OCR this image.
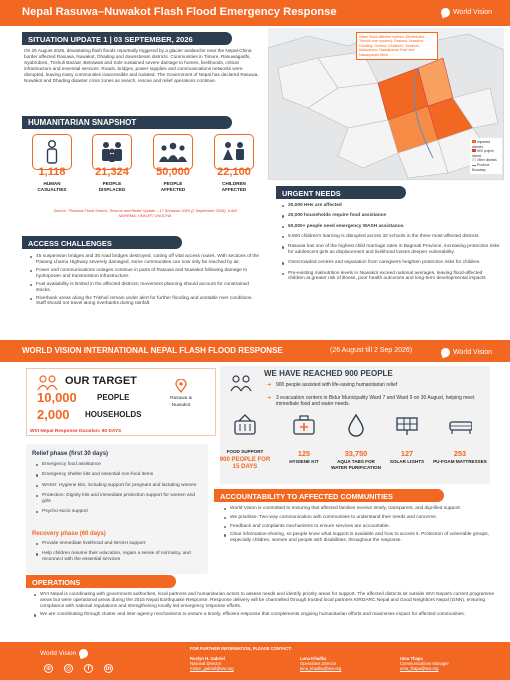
Nepal Rasuwa–Nuwakot Flash Flood Emergency Response	World Vision
SITUATION UPDATE 1 | 03 SEPTEMBER, 2026
On 26 August 2026, devastating flash floods reportedly triggered by a glacier avalanche near the Nepal-China border affected Rasuwa, Nuwakot, Dhading and downstream districts. Communities in Timure, Rasuwagadhi, Syabrubesi, Trishuli Bazaar, Betrawati and Sole sustained severe damage to homes, livelihoods, critical infrastructure and essential services. Roads, bridges, power supplies and communications networks were disrupted, leaving many communities inaccessible and isolated. The Government of Nepal has declared Rasuwa, Nuwakot and Dhading disaster crisis zones as search, rescue and relief operations continue.
Water flood-affected corridor (Bhotekoshi-Trishuli river system): Rasuwa, Nuwakot, Dhading, Gorkha, Dhulikhel, Tanahun, Makwanpur, Nawalparasi East and Nawalparasi West
Impacted districts
WVI project district
Other districts
Province Boundary
HUMANITARIAN SNAPSHOT
1,118	21,324	50,000	22,100
HUMAN CASUALTIES
PEOPLE DISPLACED
PEOPLE AFFECTED
CHILDREN AFFECTED
Source: "Rasuwa Flood Search, Rescue and Relief Update – 17 Shrawan 2083 (2 September 2026), 8 AM NDRRMA; UNICEF/ UNOCHA
ACCESS CHALLENGES
45 suspension bridges and 35 road bridges destroyed, cutting off vital access routes. With sections of the Pasang Lhamu Highway severely damaged, some communities can now only be reached by air.
Power and communications outages continue in parts of Rasuwa and Nuwakot following damage to hydropower and transmission infrastructure.
Fuel availability is limited in the affected districts; movement planning should account for constrained stocks.
Riverbank areas along the Trishuli remain under alert for further flooding and unstable river conditions. Staff should not travel along riverbanks during rainfall.
URGENT NEEDS
20,000 HHs are affected
20,000 households require food assistance
50,000+ people need emergency WASH assistance.
9,800 children's learning is disrupted across 32 schools in the three most-affected districts
Rasuwa has one of the highest child marriage rates in Bagmati Province, increasing protection risks for adolescent girls as displacement and livelihood losses deepen vulnerability.
Overcrowded centres and separation from caregivers heighten protection risks for children.
Pre-existing malnutrition levels in Nuwakot exceed national averages, leaving flood-affected children at greater risk of illness, poor health outcomes and long-term developmental impacts
WORLD VISION INTERNATIONAL NEPAL FLASH FLOOD RESPONSE	(26 August till 2 Sep 2026)	World Vision
OUR TARGET
10,000	PEOPLE
2,000 HOUSEHOLDS
Rasuwa & Nuwakot
WVI Nepal Response Duration: 90 DAYS
Relief phase (first 30 days)
Emergency food assistance
Emergency shelter kits and essential non-food items
WASH: Hygiene kits, including support for pregnant and lactating women
Protection: Dignity kits and immediate protection support for women and girls
Psycho-socio support
Recovery phase (60 days)
Provide immediate livelihood and WASH support
Help children resume their education, regain a sense of normalcy, and reconnect with the essential services
WE HAVE REACHED 900 PEOPLE
➜ 900 people assisted with life-saving humanitarian relief
➜ 3 evacuation centers in Bidur Municipality Ward 7 and Ward 9 on 30 August, helping meet immediate food and water needs.
FOOD SUPPORT
900 PEOPLE FOR 15 DAYS
125
HYGIENE KIT
33,750
AQUA TABS FOR WATER PURIFICATION
127
SOLAR LIGHTS
253
PU-FOAM MATTRESSES
ACCOUNTABILITY TO AFFECTED COMMUNITIES
World Vision is committed to ensuring that affected families receive timely, transparent, and dignified support.
We prioritise: Two-way communication with communities to understand their needs and concerns.
Feedback and complaints mechanisms to ensure services are accountable.
Clear information-sharing, so people know what support is available and how to access it. Protection of vulnerable groups, especially children, women and people with disabilities, throughout the response.
OPERATIONS
WVI Nepal is coordinating with government authorities, local partners and humanitarian actors to assess needs and identify priority areas for support. The affected districts sit outside WVI Nepal's current programme areas but were operational areas during the 2015 Nepal Earthquake Response. Response delivery will be channelled through trusted local partners KIRDARC Nepal and Good Neighbors Nepal (GNN), ensuring compliance with national regulations and strengthening locally led emergency response efforts.
We are coordinating through cluster and inter-agency mechanisms to ensure a timely, efficient response that complements ongoing humanitarian efforts and maximises impact for affected communities.
World Vision
⊕	◎	f	in
FOR FURTHER INFORMATION, PLEASE CONTACT:
Roslyn H. Gabriel
National Director
roslyn_gabriel@wvi.org
Luna Khadka
Operations Director
luna_khadka@wvi.org
Umu Thapa
Communications Manager
umu_thapa@wvi.org
